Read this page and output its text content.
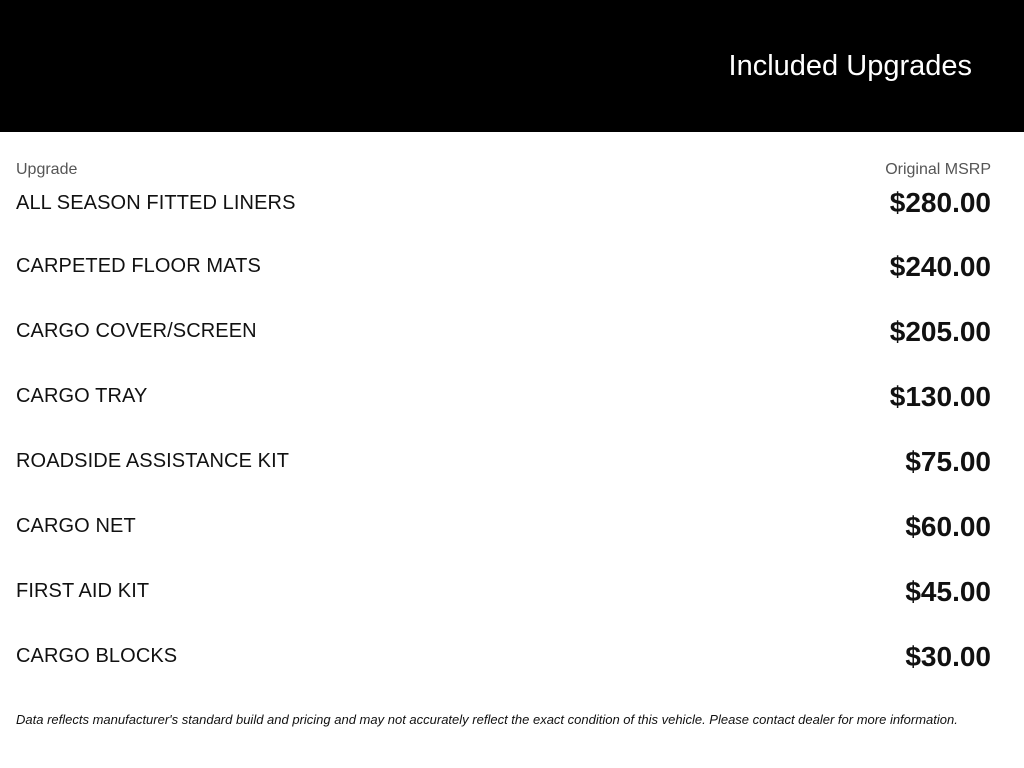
Included Upgrades
Upgrade	Original MSRP
ALL SEASON FITTED LINERS	$280.00
CARPETED FLOOR MATS	$240.00
CARGO COVER/SCREEN	$205.00
CARGO TRAY	$130.00
ROADSIDE ASSISTANCE KIT	$75.00
CARGO NET	$60.00
FIRST AID KIT	$45.00
CARGO BLOCKS	$30.00

Data reflects manufacturer's standard build and pricing and may not accurately reflect the exact condition of this vehicle. Please contact dealer for more information.
